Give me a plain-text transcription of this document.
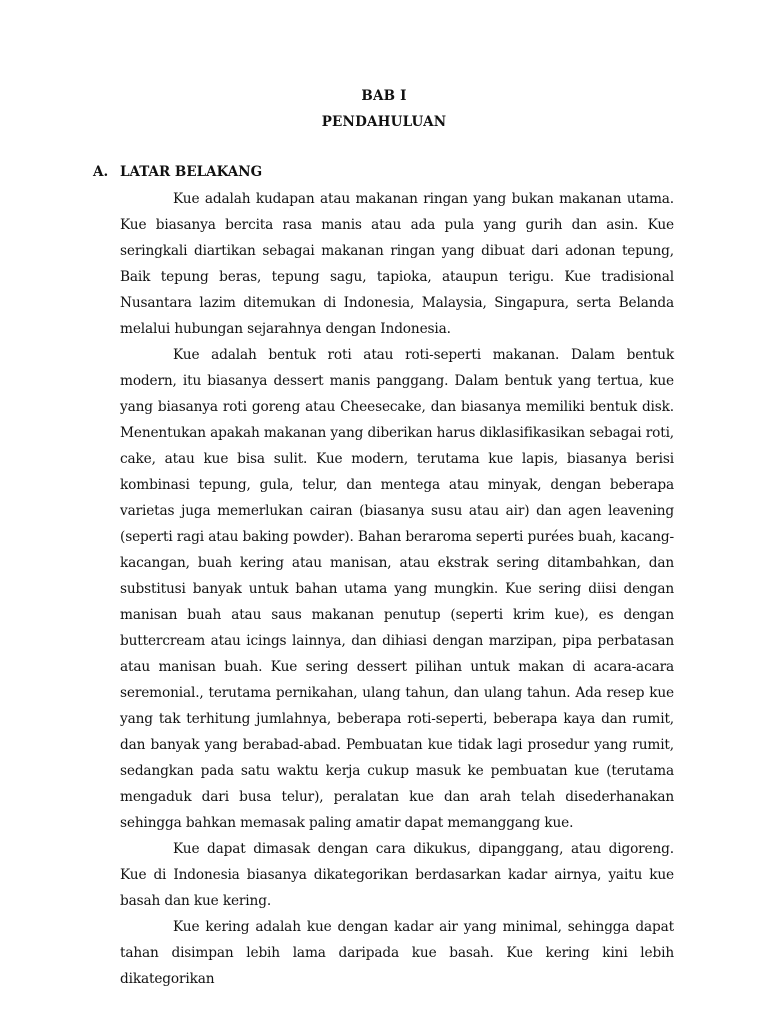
BAB I
PENDAHULUAN
A. LATAR BELAKANG

Kue adalah kudapan atau makanan ringan yang bukan makanan utama. Kue biasanya bercita rasa manis atau ada pula yang gurih dan asin. Kue seringkali diartikan sebagai makanan ringan yang dibuat dari adonan tepung, Baik tepung beras, tepung sagu, tapioka, ataupun terigu. Kue tradisional Nusantara lazim ditemukan di Indonesia, Malaysia, Singapura, serta Belanda melalui hubungan sejarahnya dengan Indonesia.

Kue adalah bentuk roti atau roti-seperti makanan. Dalam bentuk modern, itu biasanya dessert manis panggang. Dalam bentuk yang tertua, kue yang biasanya roti goreng atau Cheesecake, dan biasanya memiliki bentuk disk. Menentukan apakah makanan yang diberikan harus diklasifikasikan sebagai roti, cake, atau kue bisa sulit. Kue modern, terutama kue lapis, biasanya berisi kombinasi tepung, gula, telur, dan mentega atau minyak, dengan beberapa varietas juga memerlukan cairan (biasanya susu atau air) dan agen leavening (seperti ragi atau baking powder). Bahan beraroma seperti purées buah, kacang-kacangan, buah kering atau manisan, atau ekstrak sering ditambahkan, dan substitusi banyak untuk bahan utama yang mungkin. Kue sering diisi dengan manisan buah atau saus makanan penutup (seperti krim kue), es dengan buttercream atau icings lainnya, dan dihiasi dengan marzipan, pipa perbatasan atau manisan buah. Kue sering dessert pilihan untuk makan di acara-acara seremonial., terutama pernikahan, ulang tahun, dan ulang tahun. Ada resep kue yang tak terhitung jumlahnya, beberapa roti-seperti, beberapa kaya dan rumit, dan banyak yang berabad-abad. Pembuatan kue tidak lagi prosedur yang rumit, sedangkan pada satu waktu kerja cukup masuk ke pembuatan kue (terutama mengaduk dari busa telur), peralatan kue dan arah telah disederhanakan sehingga bahkan memasak paling amatir dapat memanggang kue.

Kue dapat dimasak dengan cara dikukus, dipanggang, atau digoreng. Kue di Indonesia biasanya dikategorikan berdasarkan kadar airnya, yaitu kue basah dan kue kering.

Kue kering adalah kue dengan kadar air yang minimal, sehingga dapat tahan disimpan lebih lama daripada kue basah. Kue kering kini lebih dikategorikan
